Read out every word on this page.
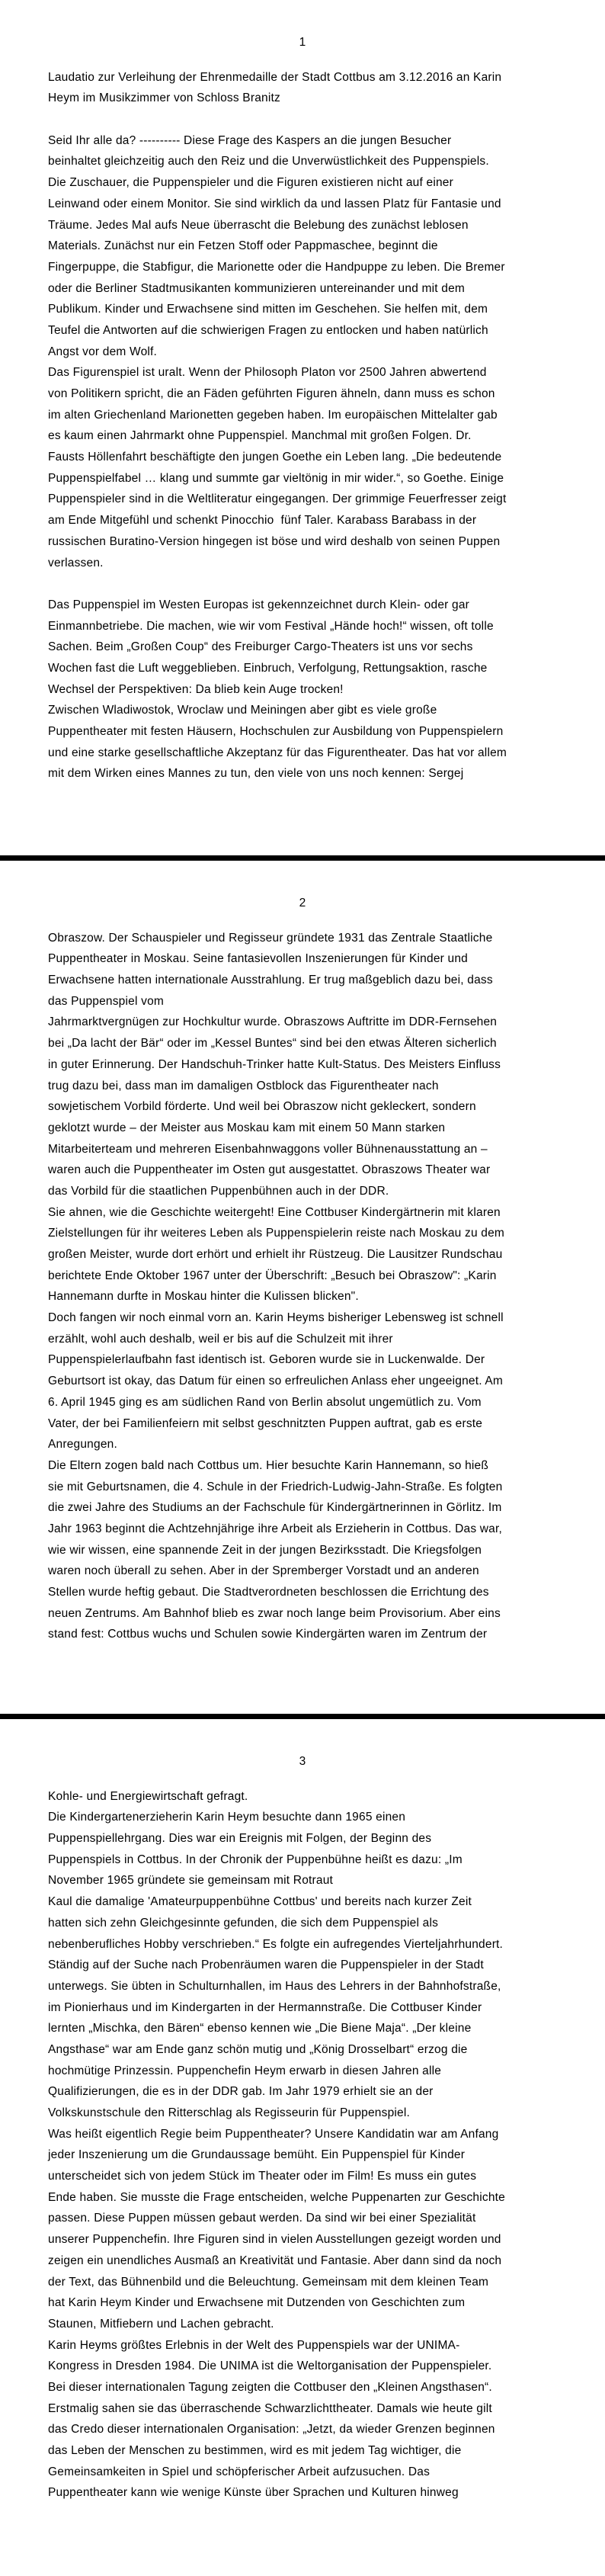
1
Laudatio zur Verleihung der Ehrenmedaille der Stadt Cottbus am 3.12.2016 an Karin
Heym im Musikzimmer von Schloss Branitz
Seid Ihr alle da? ---------- Diese Frage des Kaspers an die jungen Besucher
beinhaltet gleichzeitig auch den Reiz und die Unverwüstlichkeit des Puppenspiels.
Die Zuschauer, die Puppenspieler und die Figuren existieren nicht auf einer
Leinwand oder einem Monitor. Sie sind wirklich da und lassen Platz für Fantasie und
Träume. Jedes Mal aufs Neue überrascht die Belebung des zunächst leblosen
Materials. Zunächst nur ein Fetzen Stoff oder Pappmaschee, beginnt die
Fingerpuppe, die Stabfigur, die Marionette oder die Handpuppe zu leben. Die Bremer
oder die Berliner Stadtmusikanten kommunizieren untereinander und mit dem
Publikum. Kinder und Erwachsene sind mitten im Geschehen. Sie helfen mit, dem
Teufel die Antworten auf die schwierigen Fragen zu entlocken und haben natürlich
Angst vor dem Wolf.
Das Figurenspiel ist uralt. Wenn der Philosoph Platon vor 2500 Jahren abwertend
von Politikern spricht, die an Fäden geführten Figuren ähneln, dann muss es schon
im alten Griechenland Marionetten gegeben haben. Im europäischen Mittelalter gab
es kaum einen Jahrmarkt ohne Puppenspiel. Manchmal mit großen Folgen. Dr.
Fausts Höllenfahrt beschäftigte den jungen Goethe ein Leben lang. „Die bedeutende
Puppenspielfabel … klang und summte gar vieltönig in mir wider.“, so Goethe. Einige
Puppenspieler sind in die Weltliteratur eingegangen. Der grimmige Feuerfresser zeigt
am Ende Mitgefühl und schenkt Pinocchio  fünf Taler. Karabass Barabass in der
russischen Buratino-Version hingegen ist böse und wird deshalb von seinen Puppen
verlassen.
Das Puppenspiel im Westen Europas ist gekennzeichnet durch Klein- oder gar
Einmannbetriebe. Die machen, wie wir vom Festival „Hände hoch!“ wissen, oft tolle
Sachen. Beim „Großen Coup“ des Freiburger Cargo-Theaters ist uns vor sechs
Wochen fast die Luft weggeblieben. Einbruch, Verfolgung, Rettungsaktion, rasche
Wechsel der Perspektiven: Da blieb kein Auge trocken!
Zwischen Wladiwostok, Wroclaw und Meiningen aber gibt es viele große
Puppentheater mit festen Häusern, Hochschulen zur Ausbildung von Puppenspielern
und eine starke gesellschaftliche Akzeptanz für das Figurentheater. Das hat vor allem
mit dem Wirken eines Mannes zu tun, den viele von uns noch kennen: Sergej
2
Obraszow. Der Schauspieler und Regisseur gründete 1931 das Zentrale Staatliche
Puppentheater in Moskau. Seine fantasievollen Inszenierungen für Kinder und
Erwachsene hatten internationale Ausstrahlung. Er trug maßgeblich dazu bei, dass
das Puppenspiel vom
Jahrmarktvergnügen zur Hochkultur wurde. Obraszows Auftritte im DDR-Fernsehen
bei „Da lacht der Bär“ oder im „Kessel Buntes“ sind bei den etwas Älteren sicherlich
in guter Erinnerung. Der Handschuh-Trinker hatte Kult-Status. Des Meisters Einfluss
trug dazu bei, dass man im damaligen Ostblock das Figurentheater nach
sowjetischem Vorbild förderte. Und weil bei Obraszow nicht gekleckert, sondern
geklotzt wurde – der Meister aus Moskau kam mit einem 50 Mann starken
Mitarbeiterteam und mehreren Eisenbahnwaggons voller Bühnenausstattung an –
waren auch die Puppentheater im Osten gut ausgestattet. Obraszows Theater war
das Vorbild für die staatlichen Puppenbühnen auch in der DDR.
Sie ahnen, wie die Geschichte weitergeht! Eine Cottbuser Kindergärtnerin mit klaren
Zielstellungen für ihr weiteres Leben als Puppenspielerin reiste nach Moskau zu dem
großen Meister, wurde dort erhört und erhielt ihr Rüstzeug. Die Lausitzer Rundschau
berichtete Ende Oktober 1967 unter der Überschrift: „Besuch bei Obraszow": „Karin
Hannemann durfte in Moskau hinter die Kulissen blicken".
Doch fangen wir noch einmal vorn an. Karin Heyms bisheriger Lebensweg ist schnell
erzählt, wohl auch deshalb, weil er bis auf die Schulzeit mit ihrer
Puppenspielerlaufbahn fast identisch ist. Geboren wurde sie in Luckenwalde. Der
Geburtsort ist okay, das Datum für einen so erfreulichen Anlass eher ungeeignet. Am
6. April 1945 ging es am südlichen Rand von Berlin absolut ungemütlich zu. Vom
Vater, der bei Familienfeiern mit selbst geschnitzten Puppen auftrat, gab es erste
Anregungen.
Die Eltern zogen bald nach Cottbus um. Hier besuchte Karin Hannemann, so hieß
sie mit Geburtsnamen, die 4. Schule in der Friedrich-Ludwig-Jahn-Straße. Es folgten
die zwei Jahre des Studiums an der Fachschule für Kindergärtnerinnen in Görlitz. Im
Jahr 1963 beginnt die Achtzehnjährige ihre Arbeit als Erzieherin in Cottbus. Das war,
wie wir wissen, eine spannende Zeit in der jungen Bezirksstadt. Die Kriegsfolgen
waren noch überall zu sehen. Aber in der Spremberger Vorstadt und an anderen
Stellen wurde heftig gebaut. Die Stadtverordneten beschlossen die Errichtung des
neuen Zentrums. Am Bahnhof blieb es zwar noch lange beim Provisorium. Aber eins
stand fest: Cottbus wuchs und Schulen sowie Kindergärten waren im Zentrum der
3
Kohle- und Energiewirtschaft gefragt.
Die Kindergartenerzieherin Karin Heym besuchte dann 1965 einen
Puppenspiellehrgang. Dies war ein Ereignis mit Folgen, der Beginn des
Puppenspiels in Cottbus. In der Chronik der Puppenbühne heißt es dazu: „Im
November 1965 gründete sie gemeinsam mit Rotraut
Kaul die damalige 'Amateurpuppenbühne Cottbus' und bereits nach kurzer Zeit
hatten sich zehn Gleichgesinnte gefunden, die sich dem Puppenspiel als
nebenberufliches Hobby verschrieben.“ Es folgte ein aufregendes Vierteljahrhundert.
Ständig auf der Suche nach Probenräumen waren die Puppenspieler in der Stadt
unterwegs. Sie übten in Schulturnhallen, im Haus des Lehrers in der Bahnhofstraße,
im Pionierhaus und im Kindergarten in der Hermannstraße. Die Cottbuser Kinder
lernten „Mischka, den Bären“ ebenso kennen wie „Die Biene Maja“. „Der kleine
Angsthase“ war am Ende ganz schön mutig und „König Drosselbart“ erzog die
hochmütige Prinzessin. Puppenchefin Heym erwarb in diesen Jahren alle
Qualifizierungen, die es in der DDR gab. Im Jahr 1979 erhielt sie an der
Volkskunstschule den Ritterschlag als Regisseurin für Puppenspiel.
Was heißt eigentlich Regie beim Puppentheater? Unsere Kandidatin war am Anfang
jeder Inszenierung um die Grundaussage bemüht. Ein Puppenspiel für Kinder
unterscheidet sich von jedem Stück im Theater oder im Film! Es muss ein gutes
Ende haben. Sie musste die Frage entscheiden, welche Puppenarten zur Geschichte
passen. Diese Puppen müssen gebaut werden. Da sind wir bei einer Spezialität
unserer Puppenchefin. Ihre Figuren sind in vielen Ausstellungen gezeigt worden und
zeigen ein unendliches Ausmaß an Kreativität und Fantasie. Aber dann sind da noch
der Text, das Bühnenbild und die Beleuchtung. Gemeinsam mit dem kleinen Team
hat Karin Heym Kinder und Erwachsene mit Dutzenden von Geschichten zum
Staunen, Mitfiebern und Lachen gebracht.
Karin Heyms größtes Erlebnis in der Welt des Puppenspiels war der UNIMA-
Kongress in Dresden 1984. Die UNIMA ist die Weltorganisation der Puppenspieler.
Bei dieser internationalen Tagung zeigten die Cottbuser den „Kleinen Angsthasen“.
Erstmalig sahen sie das überraschende Schwarzlichttheater. Damals wie heute gilt
das Credo dieser internationalen Organisation: „Jetzt, da wieder Grenzen beginnen
das Leben der Menschen zu bestimmen, wird es mit jedem Tag wichtiger, die
Gemeinsamkeiten in Spiel und schöpferischer Arbeit aufzusuchen. Das
Puppentheater kann wie wenige Künste über Sprachen und Kulturen hinweg
